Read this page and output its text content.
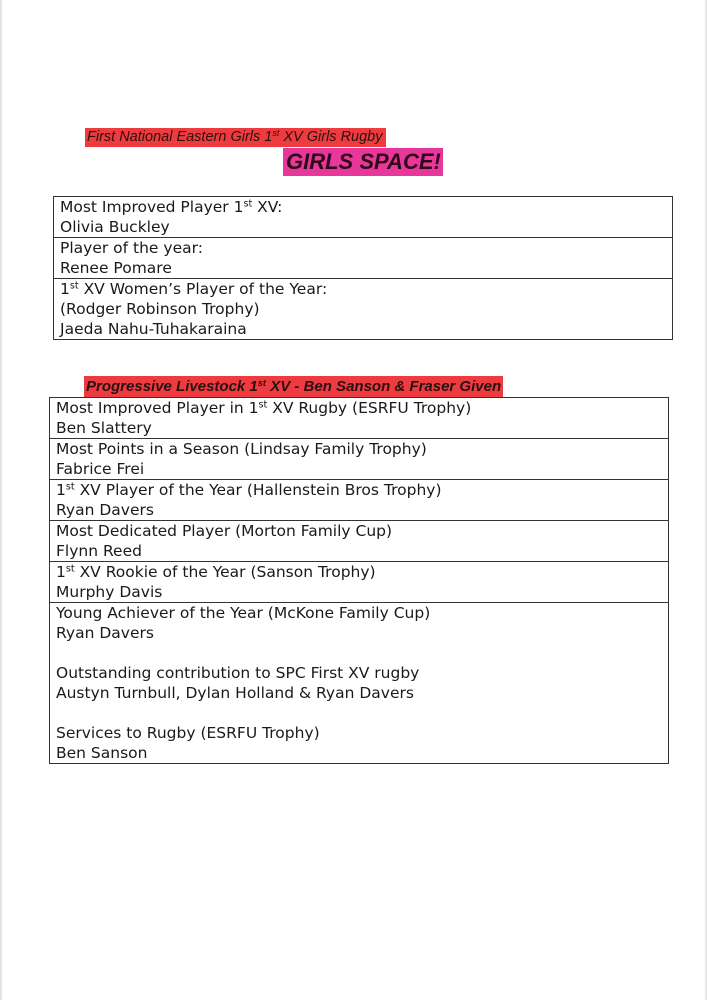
First National Eastern Girls 1st XV Girls Rugby
GIRLS SPACE!
Most Improved Player 1st XV:
Olivia Buckley
Player of the year:
Renee Pomare
1st XV Women’s Player of the Year:
(Rodger Robinson Trophy)
Jaeda Nahu-Tuhakaraina
Progressive Livestock 1st XV - Ben Sanson & Fraser Given
Most Improved Player in 1st XV Rugby (ESRFU Trophy)
Ben Slattery
Most Points in a Season (Lindsay Family Trophy)
Fabrice Frei
1st XV Player of the Year (Hallenstein Bros Trophy)
Ryan Davers
Most Dedicated Player (Morton Family Cup)
Flynn Reed
1st XV Rookie of the Year (Sanson Trophy)
Murphy Davis
Young Achiever of the Year (McKone Family Cup)
Ryan Davers
Outstanding contribution to SPC First XV rugby
Austyn Turnbull, Dylan Holland & Ryan Davers
Services to Rugby (ESRFU Trophy)
Ben Sanson
